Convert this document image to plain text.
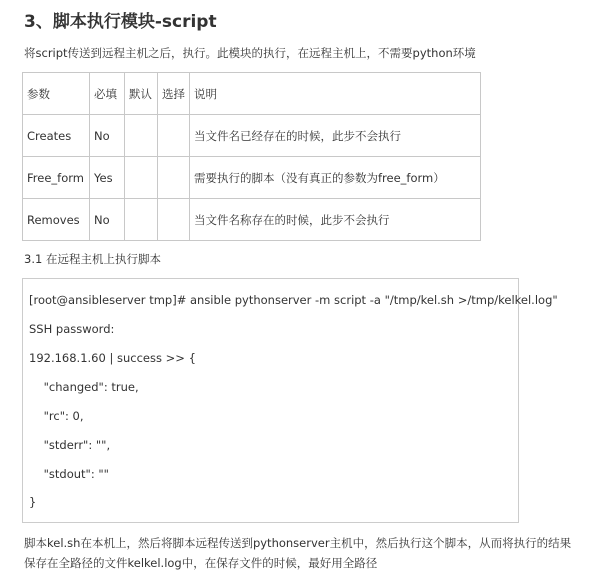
3、脚本执行模块-script

将script传送到远程主机之后，执行。此模块的执行，在远程主机上，不需要python环境

参数	必填	默认	选择	说明
Creates	No			当文件名已经存在的时候，此步不会执行
Free_form	Yes			需要执行的脚本（没有真正的参数为free_form）
Removes	No			当文件名称存在的时候，此步不会执行

3.1 在远程主机上执行脚本

[root@ansibleserver tmp]# ansible pythonserver -m script -a "/tmp/kel.sh >/tmp/kelkel.log"
SSH password:
192.168.1.60 | success >> {
"changed": true,
"rc": 0,
"stderr": "",
"stdout": ""
}

脚本kel.sh在本机上，然后将脚本远程传送到pythonserver主机中，然后执行这个脚本，从而将执行的结果
保存在全路径的文件kelkel.log中，在保存文件的时候，最好用全路径
